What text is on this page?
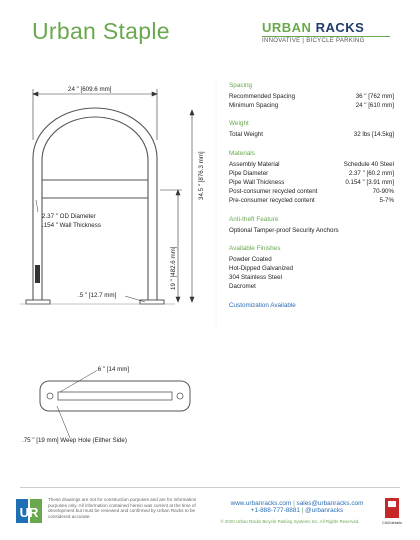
Urban Staple	URBAN RACKS
INNOVATIVE | BICYCLE PARKING
24 " [609.6 mm]
2.37 " OD Diameter
.154 " Wall Thickness
34.5 " [876.3 mm]
19 " [482.6 mm]
.5 " [12.7 mm]
.6 " [14 mm]
.75 " [19 mm] Weep Hole (Either Side)
Spacing
Recommended Spacing	36 " [762 mm]
Minimum Spacing	24 " [610 mm]
Weight
Total Weight	32 lbs [14.5kg]
Materials
Assembly Material	Schedule 40 Steel
Pipe Diameter	2.37 " [60.2 mm]
Pipe Wall Thickness	0.154 " [3.91 mm]
Post-consumer recycled content	70-90%
Pre-consumer recycled content	5-7%
Anti-theft Feature
Optional Tamper-proof Security Anchors
Available Finishes
Powder Coated
Hot-Dipped Galvanized
304 Stainless Steel
Dacromet
Customization Available
UR
These drawings are not for construction purposes and are for information purposes only. All information contained herein was current at the time of development but must be reviewed and confirmed by Urban Racks to be considered accurate.
www.urbanracks.com | sales@urbanracks.com
+1-888-777-8881 | @urbanracks
© 2020 Urban Racks Bicycle Parking Systems Inc. All Rights Reserved.	CADdetails
